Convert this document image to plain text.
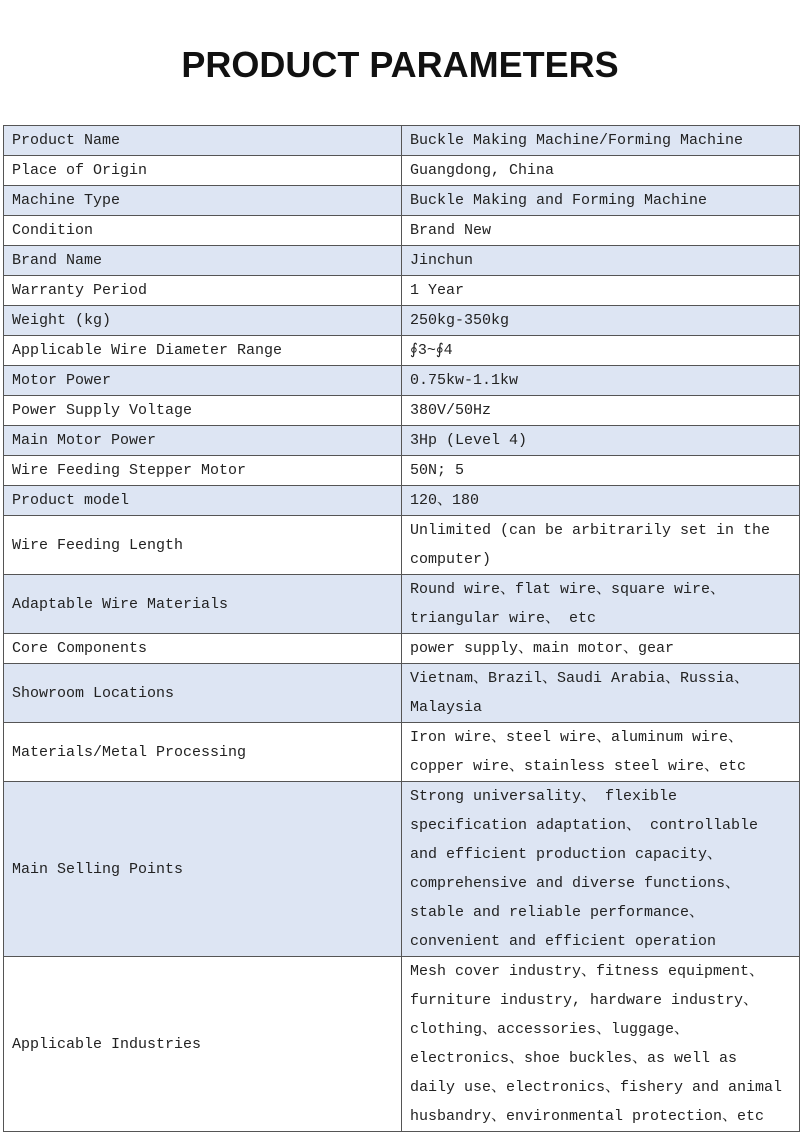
PRODUCT PARAMETERS
Product Name	Buckle Making Machine/Forming Machine
Place of Origin	Guangdong, China
Machine Type	Buckle Making and Forming Machine
Condition	Brand New
Brand Name	Jinchun
Warranty Period	1 Year
Weight (kg)	250kg-350kg
Applicable Wire Diameter Range	∮3~∮4
Motor Power	0.75kw-1.1kw
Power Supply Voltage	380V/50Hz
Main Motor Power	3Hp (Level 4)
Wire Feeding Stepper Motor	50N; 5
Product model	120、180
Wire Feeding Length	Unlimited (can be arbitrarily set in the computer)
Adaptable Wire Materials	Round wire、flat wire、square wire、triangular wire、 etc
Core Components	power supply、main motor、gear
Showroom Locations	Vietnam、Brazil、Saudi Arabia、Russia、Malaysia
Materials/Metal Processing	Iron wire、steel wire、aluminum wire、copper wire、stainless steel wire、etc
Main Selling Points	Strong universality、 flexible specification adaptation、 controllable and efficient production capacity、comprehensive and diverse functions、stable and reliable performance、convenient and efficient operation
Applicable Industries	Mesh cover industry、fitness equipment、furniture industry, hardware industry、clothing、accessories、luggage、electronics、shoe buckles、as well as daily use、electronics、fishery and animal husbandry、environmental protection、etc
